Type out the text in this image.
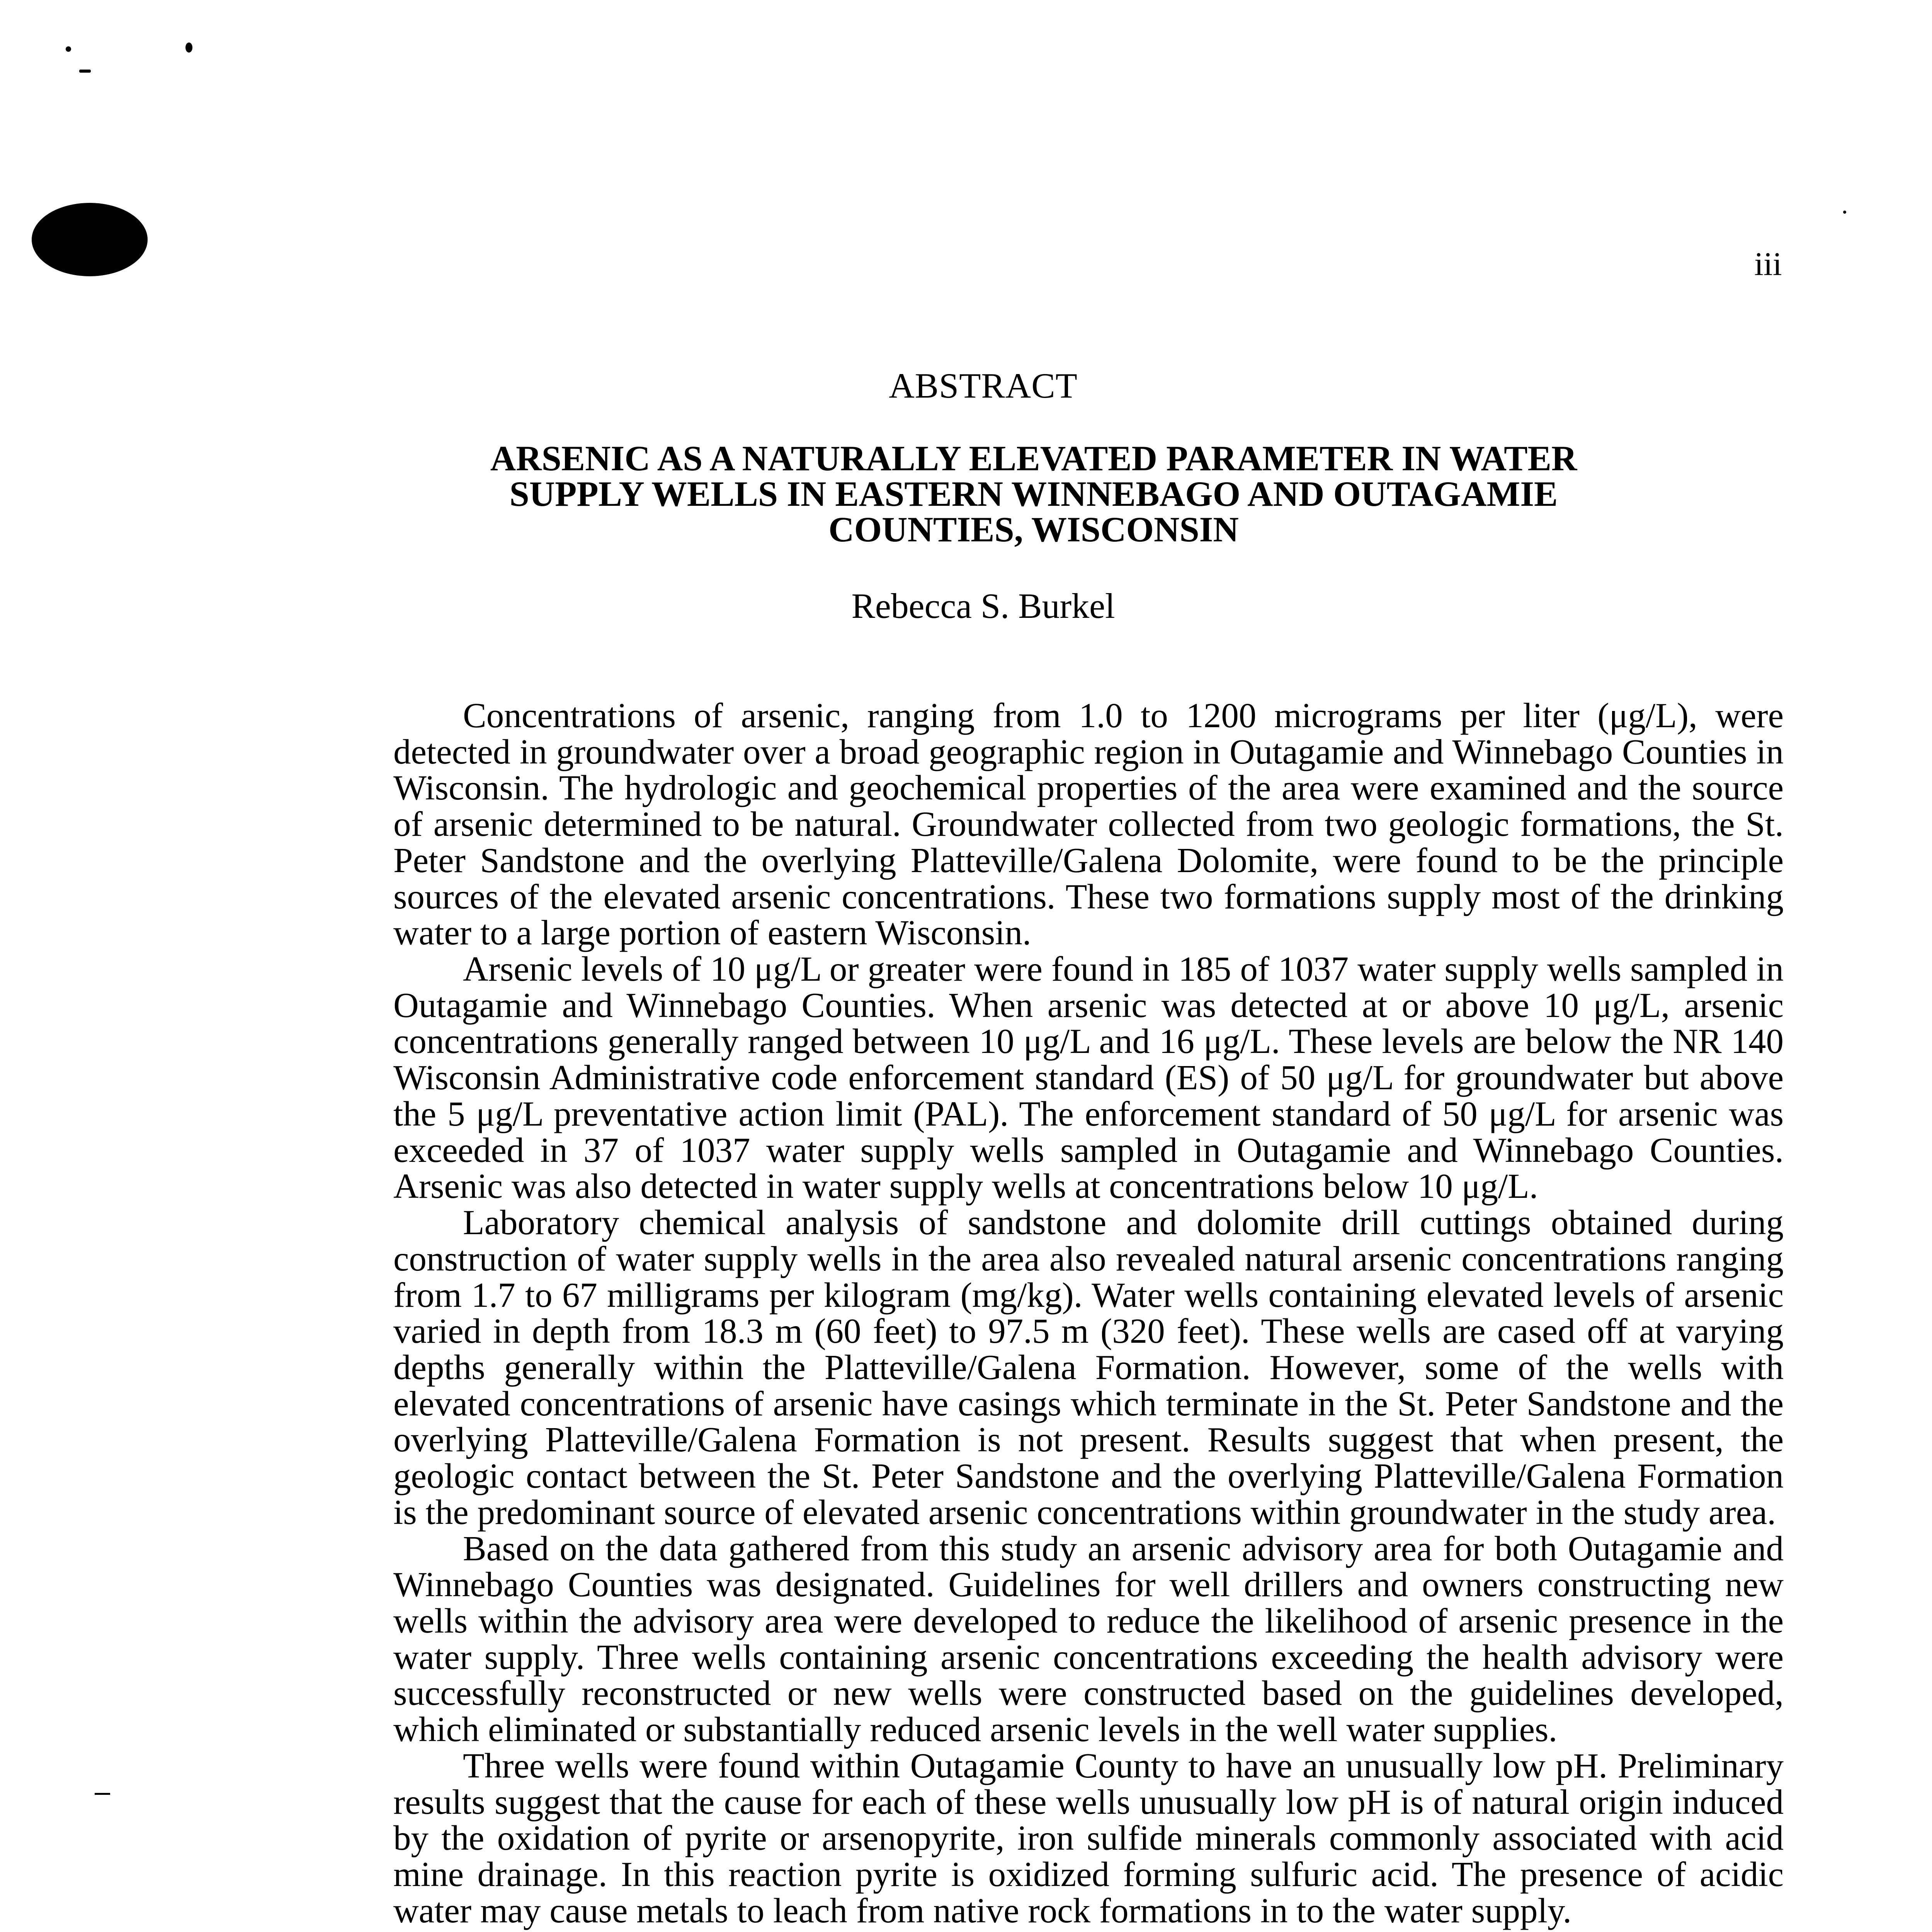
iii
ABSTRACT
ARSENIC AS A NATURALLY ELEVATED PARAMETER IN WATER SUPPLY WELLS IN EASTERN WINNEBAGO AND OUTAGAMIE COUNTIES, WISCONSIN
Rebecca S. Burkel

Concentrations of arsenic, ranging from 1.0 to 1200 micrograms per liter (μg/L), were detected in groundwater over a broad geographic region in Outagamie and Winnebago Counties in Wisconsin. The hydrologic and geochemical properties of the area were examined and the source of arsenic determined to be natural. Groundwater collected from two geologic formations, the St. Peter Sandstone and the overlying Platteville/Galena Dolomite, were found to be the principle sources of the elevated arsenic concentrations. These two formations supply most of the drinking water to a large portion of eastern Wisconsin.

Arsenic levels of 10 μg/L or greater were found in 185 of 1037 water supply wells sampled in Outagamie and Winnebago Counties. When arsenic was detected at or above 10 μg/L, arsenic concentrations generally ranged between 10 μg/L and 16 μg/L. These levels are below the NR 140 Wisconsin Administrative code enforcement standard (ES) of 50 μg/L for groundwater but above the 5 μg/L preventative action limit (PAL). The enforcement standard of 50 μg/L for arsenic was exceeded in 37 of 1037 water supply wells sampled in Outagamie and Winnebago Counties. Arsenic was also detected in water supply wells at concentrations below 10 μg/L.

Laboratory chemical analysis of sandstone and dolomite drill cuttings obtained during construction of water supply wells in the area also revealed natural arsenic concentrations ranging from 1.7 to 67 milligrams per kilogram (mg/kg). Water wells containing elevated levels of arsenic varied in depth from 18.3 m (60 feet) to 97.5 m (320 feet). These wells are cased off at varying depths generally within the Platteville/Galena Formation. However, some of the wells with elevated concentrations of arsenic have casings which terminate in the St. Peter Sandstone and the overlying Platteville/Galena Formation is not present. Results suggest that when present, the geologic contact between the St. Peter Sandstone and the overlying Platteville/Galena Formation is the predominant source of elevated arsenic concentrations within groundwater in the study area.

Based on the data gathered from this study an arsenic advisory area for both Outagamie and Winnebago Counties was designated. Guidelines for well drillers and owners constructing new wells within the advisory area were developed to reduce the likelihood of arsenic presence in the water supply. Three wells containing arsenic concentrations exceeding the health advisory were successfully reconstructed or new wells were constructed based on the guidelines developed, which eliminated or substantially reduced arsenic levels in the well water supplies.

Three wells were found within Outagamie County to have an unusually low pH. Preliminary results suggest that the cause for each of these wells unusually low pH is of natural origin induced by the oxidation of pyrite or arsenopyrite, iron sulfide minerals commonly associated with acid mine drainage. In this reaction pyrite is oxidized forming sulfuric acid. The presence of acidic water may cause metals to leach from native rock formations in to the water supply.
